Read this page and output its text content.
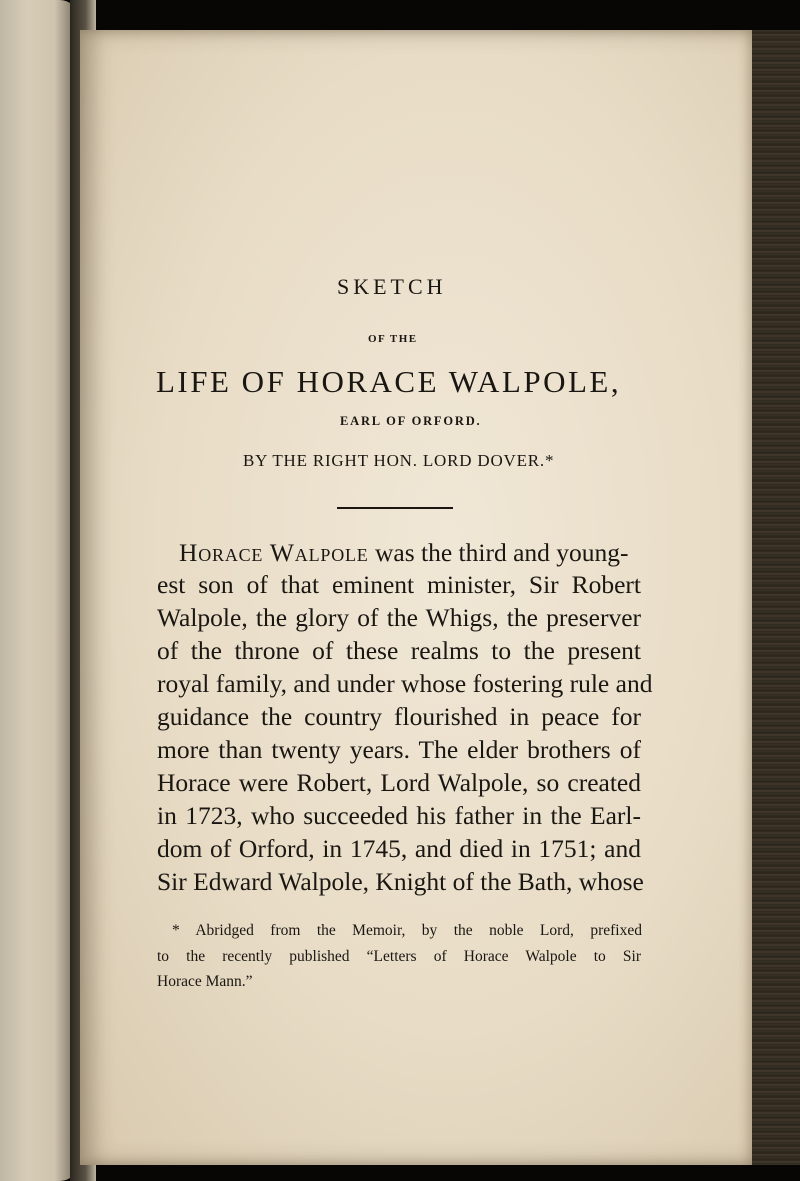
SKETCH
OF THE
LIFE OF HORACE WALPOLE,
EARL OF ORFORD.
BY THE RIGHT HON. LORD DOVER.*
Horace Walpole was the third and young-
est son of that eminent minister, Sir Robert
Walpole, the glory of the Whigs, the preserver
of the throne of these realms to the present
royal family, and under whose fostering rule and
guidance the country flourished in peace for
more than twenty years. The elder brothers of
Horace were Robert, Lord Walpole, so created
in 1723, who succeeded his father in the Earl-
dom of Orford, in 1745, and died in 1751; and
Sir Edward Walpole, Knight of the Bath, whose
* Abridged from the Memoir, by the noble Lord, prefixed
to the recently published “Letters of Horace Walpole to Sir
Horace Mann.”
